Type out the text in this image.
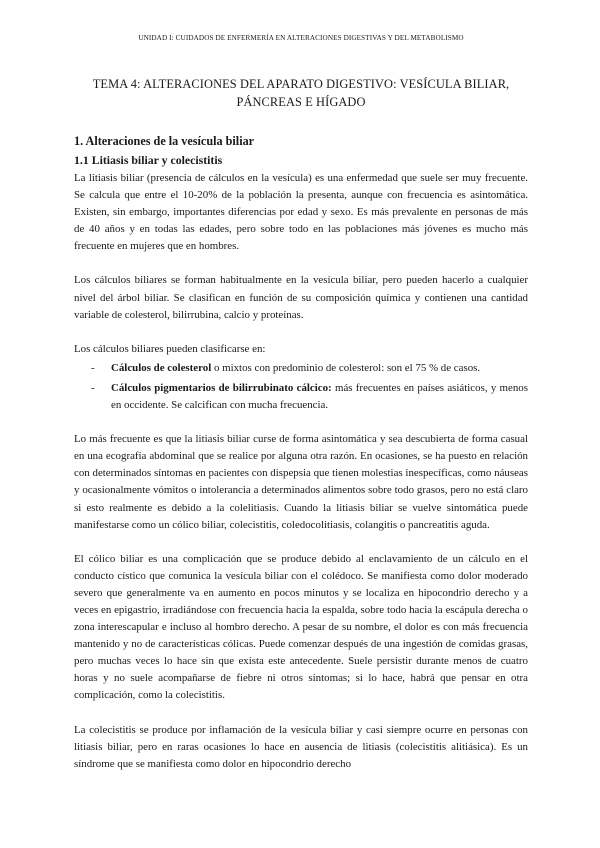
UNIDAD I: CUIDADOS DE ENFERMERÍA EN ALTERACIONES DIGESTIVAS Y DEL METABOLISMO
TEMA 4: ALTERACIONES DEL APARATO DIGESTIVO: VESÍCULA BILIAR, PÁNCREAS E HÍGADO
1. Alteraciones de la vesícula biliar
1.1 Litiasis biliar y colecistitis

La litiasis biliar (presencia de cálculos en la vesícula) es una enfermedad que suele ser muy frecuente. Se calcula que entre el 10-20% de la población la presenta, aunque con frecuencia es asintomática. Existen, sin embargo, importantes diferencias por edad y sexo. Es más prevalente en personas de más de 40 años y en todas las edades, pero sobre todo en las poblaciones más jóvenes es mucho más frecuente en mujeres que en hombres.

Los cálculos biliares se forman habitualmente en la vesícula biliar, pero pueden hacerlo a cualquier nivel del árbol biliar. Se clasifican en función de su composición química y contienen una cantidad variable de colesterol, bilirrubina, calcio y proteínas.

Los cálculos biliares pueden clasificarse en:

- Cálculos de colesterol o mixtos con predominio de colesterol: son el 75 % de casos.
- Cálculos pigmentarios de bilirrubinato cálcico: más frecuentes en países asiáticos, y menos en occidente. Se calcifican con mucha frecuencia.

Lo más frecuente es que la litiasis biliar curse de forma asintomática y sea descubierta de forma casual en una ecografía abdominal que se realice por alguna otra razón. En ocasiones, se ha puesto en relación con determinados síntomas en pacientes con dispepsia que tienen molestias inespecíficas, como náuseas y ocasionalmente vómitos o intolerancia a determinados alimentos sobre todo grasos, pero no está claro si esto realmente es debido a la colelitiasis. Cuando la litiasis biliar se vuelve sintomática puede manifestarse como un cólico biliar, colecistitis, coledocolitiasis, colangitis o pancreatitis aguda.

El cólico biliar es una complicación que se produce debido al enclavamiento de un cálculo en el conducto cístico que comunica la vesícula biliar con el colédoco. Se manifiesta como dolor moderado severo que generalmente va en aumento en pocos minutos y se localiza en hipocondrio derecho y a veces en epigastrio, irradiándose con frecuencia hacia la espalda, sobre todo hacia la escápula derecha o zona interescapular e incluso al hombro derecho. A pesar de su nombre, el dolor es con más frecuencia mantenido y no de características cólicas. Puede comenzar después de una ingestión de comidas grasas, pero muchas veces lo hace sin que exista este antecedente. Suele persistir durante menos de cuatro horas y no suele acompañarse de fiebre ni otros síntomas; si lo hace, habrá que pensar en otra complicación, como la colecistitis.

La colecistitis se produce por inflamación de la vesícula biliar y casi siempre ocurre en personas con litiasis biliar, pero en raras ocasiones lo hace en ausencia de litiasis (colecistitis alitiásica). Es un síndrome que se manifiesta como dolor en hipocondrio derecho
